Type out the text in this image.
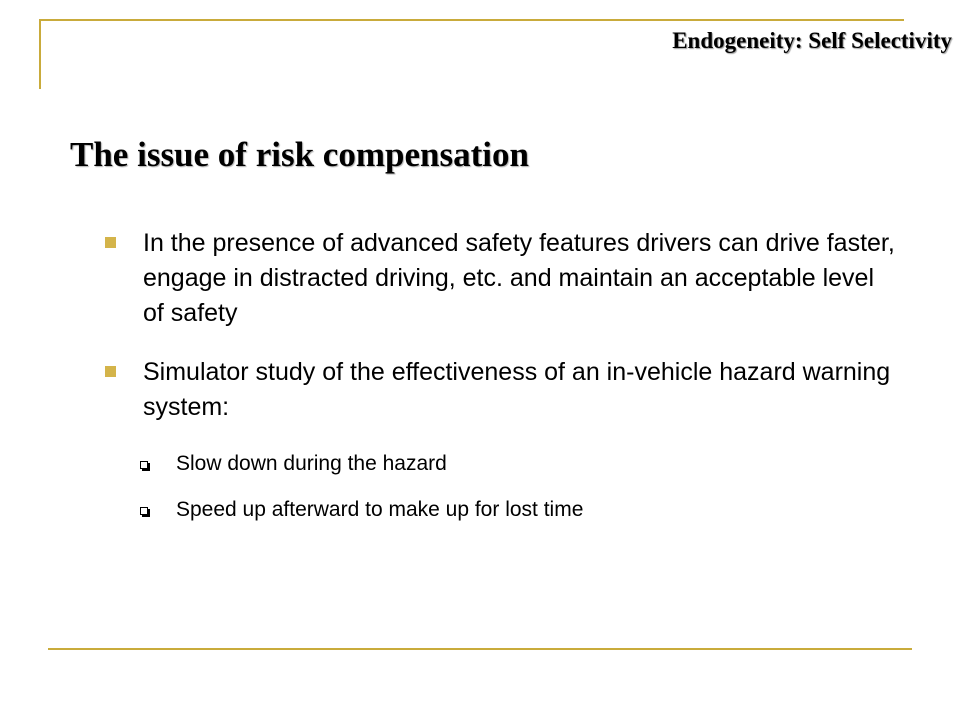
Endogeneity: Self Selectivity
The issue of risk compensation
In the presence of advanced safety features drivers can drive faster, engage in distracted driving, etc. and maintain an acceptable level of safety
Simulator study of the effectiveness of an in-vehicle hazard warning system:
Slow down during the hazard
Speed up afterward to make up for lost time
